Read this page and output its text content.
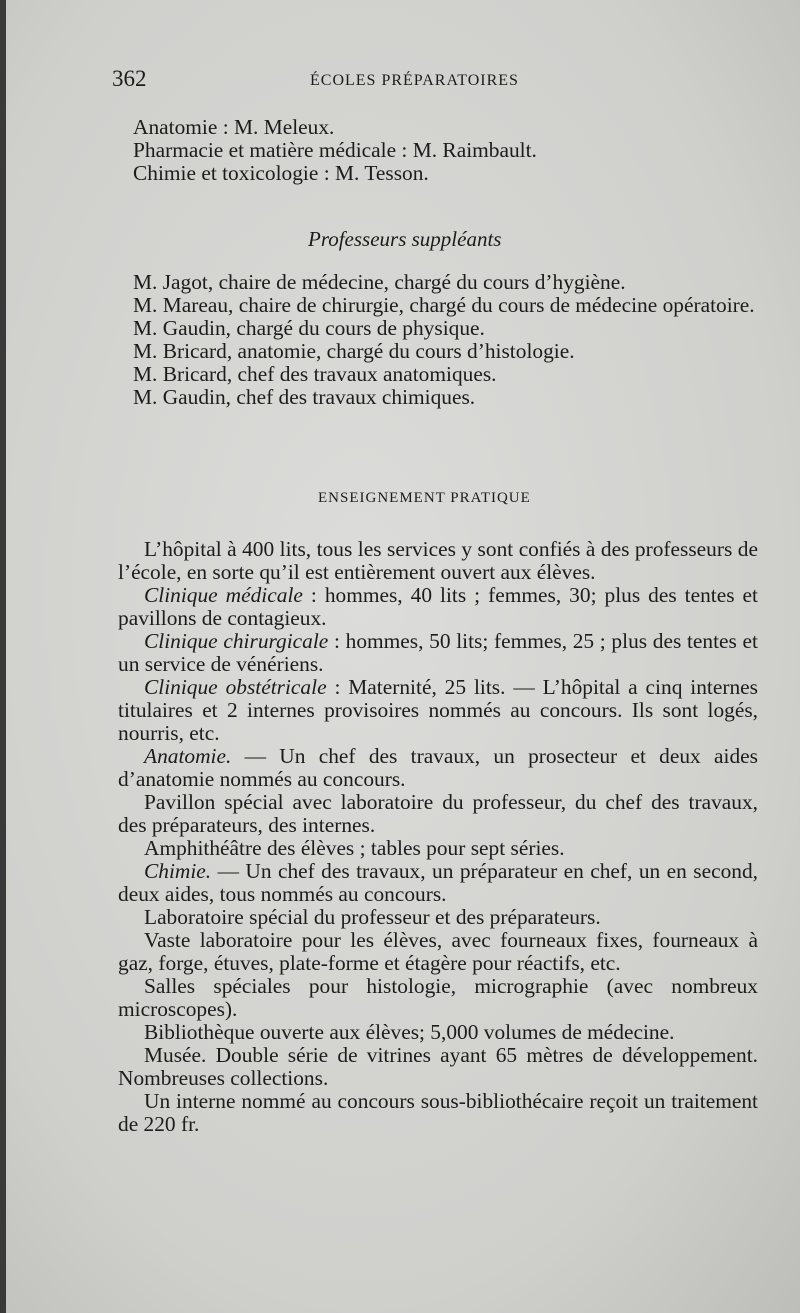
362	ÉCOLES PRÉPARATOIRES

Anatomie : M. Meleux.

Pharmacie et matière médicale : M. Raimbault.

Chimie et toxicologie : M. Tesson.

Professeurs suppléants

M. Jagot, chaire de médecine, chargé du cours d’hygiène.

M. Mareau, chaire de chirurgie, chargé du cours de médecine opératoire.

M. Gaudin, chargé du cours de physique.

M. Bricard, anatomie, chargé du cours d’histologie.

M. Bricard, chef des travaux anatomiques.

M. Gaudin, chef des travaux chimiques.

ENSEIGNEMENT PRATIQUE

L’hôpital à 400 lits, tous les services y sont confiés à des professeurs de l’école, en sorte qu’il est entièrement ouvert aux élèves.

Clinique médicale : hommes, 40 lits ; femmes, 30; plus des tentes et pavillons de contagieux.

Clinique chirurgicale : hommes, 50 lits; femmes, 25 ; plus des tentes et un service de vénériens.

Clinique obstétricale : Maternité, 25 lits. — L’hôpital a cinq internes titulaires et 2 internes provisoires nommés au concours. Ils sont logés, nourris, etc.

Anatomie. — Un chef des travaux, un prosecteur et deux aides d’anatomie nommés au concours.

Pavillon spécial avec laboratoire du professeur, du chef des travaux, des préparateurs, des internes.

Amphithéâtre des élèves ; tables pour sept séries.

Chimie. — Un chef des travaux, un préparateur en chef, un en second, deux aides, tous nommés au concours.

Laboratoire spécial du professeur et des préparateurs.

Vaste laboratoire pour les élèves, avec fourneaux fixes, fourneaux à gaz, forge, étuves, plate-forme et étagère pour réactifs, etc.

Salles spéciales pour histologie, micrographie (avec nombreux microscopes).

Bibliothèque ouverte aux élèves; 5,000 volumes de médecine.

Musée. Double série de vitrines ayant 65 mètres de développement. Nombreuses collections.

Un interne nommé au concours sous-bibliothécaire reçoit un traitement de 220 fr.
